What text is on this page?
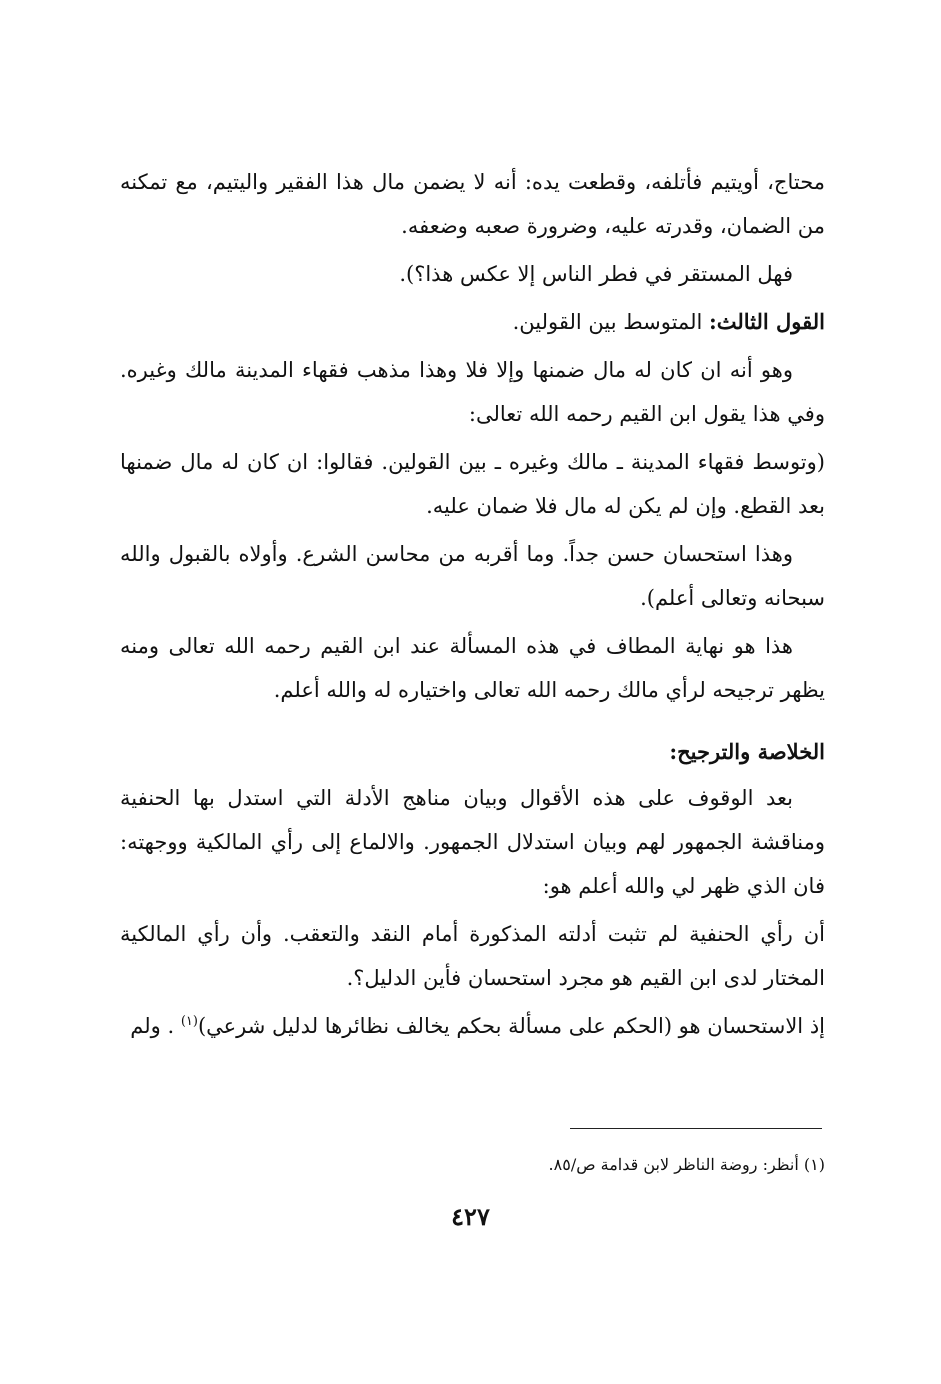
محتاج، أويتيم فأتلفه، وقطعت يده: أنه لا يضمن مال هذا الفقير واليتيم، مع تمكنه من الضمان، وقدرته عليه، وضرورة صعبه وضعفه.

فهل المستقر في فطر الناس إلا عكس هذا؟).

القول الثالث: المتوسط بين القولين.

وهو أنه ان كان له مال ضمنها وإلا فلا وهذا مذهب فقهاء المدينة مالك وغيره. وفي هذا يقول ابن القيم رحمه الله تعالى:

(وتوسط فقهاء المدينة ـ مالك وغيره ـ بين القولين. فقالوا: ان كان له مال ضمنها بعد القطع. وإن لم يكن له مال فلا ضمان عليه.

وهذا استحسان حسن جداً. وما أقربه من محاسن الشرع. وأولاه بالقبول والله سبحانه وتعالى أعلم).

هذا هو نهاية المطاف في هذه المسألة عند ابن القيم رحمه الله تعالى ومنه يظهر ترجيحه لرأي مالك رحمه الله تعالى واختياره له والله أعلم.

الخلاصة والترجيح:

بعد الوقوف على هذه الأقوال وبيان مناهج الأدلة التي استدل بها الحنفية ومناقشة الجمهور لهم وبيان استدلال الجمهور. والالماع إلى رأي المالكية ووجهته: فان الذي ظهر لي والله أعلم هو:

أن رأي الحنفية لم تثبت أدلته المذكورة أمام النقد والتعقب. وأن رأي المالكية المختار لدى ابن القيم هو مجرد استحسان فأين الدليل؟.

إذ الاستحسان هو (الحكم على مسألة بحكم يخالف نظائرها لدليل شرعي)$^{(١)}$ . ولم

(١) أنظر: روضة الناظر لابن قدامة ص/٨٥.
٤٢٧
